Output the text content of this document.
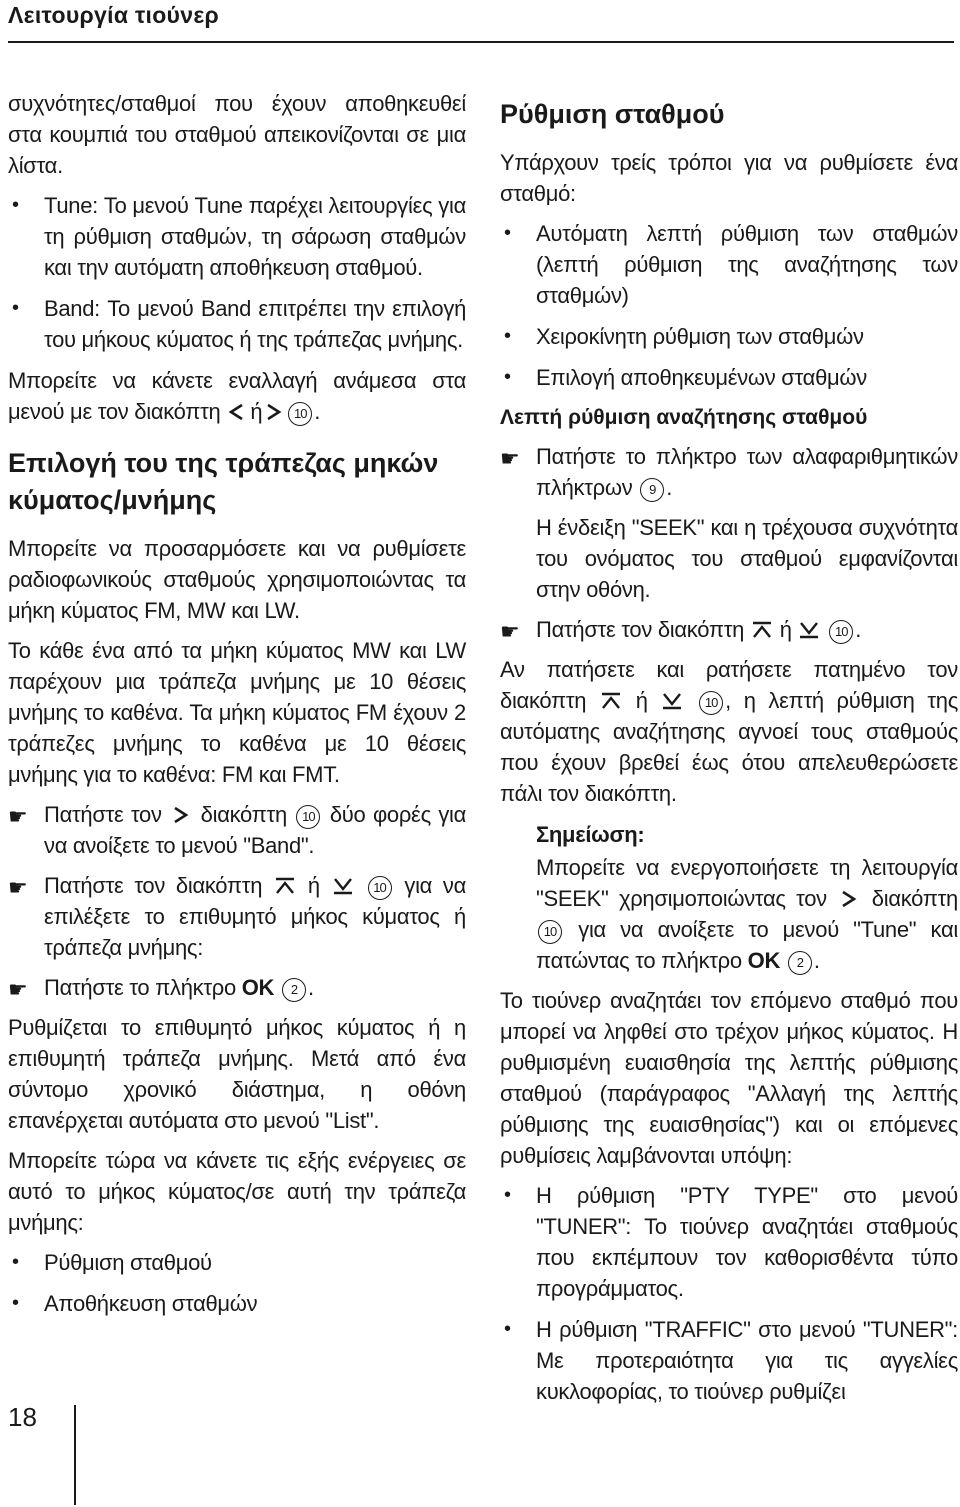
Λειτουργία τιούνερ

συχνότητες/σταθμοί που έχουν αποθηκευθεί στα κουμπιά του σταθμού απεικονίζονται σε μια λίστα.

• Tune: Το μενού Tune παρέχει λειτουργίες για τη ρύθμιση σταθμών, τη σάρωση σταθμών και την αυτόματη αποθήκευση σταθμού.
• Band: Το μενού Band επιτρέπει την επιλογή του μήκους κύματος ή της τράπεζας μνήμης.

Μπορείτε να κάνετε εναλλαγή ανάμεσα στα μενού με τον διακόπτη ή 10 .

Επιλογή του της τράπεζας μηκών κύματος/μνήμης

Μπορείτε να προσαρμόσετε και να ρυθμίσετε ραδιοφωνικούς σταθμούς χρησιμοποιώντας τα μήκη κύματος FM, MW και LW.

Το κάθε ένα από τα μήκη κύματος MW και LW παρέχουν μια τράπεζα μνήμης με 10 θέσεις μνήμης το καθένα. Τα μήκη κύματος FM έχουν 2 τράπεζες μνήμης το καθένα με 10 θέσεις μνήμης για το καθένα: FM και FMT.

☛ Πατήστε τον διακόπτη 10 δύο φορές για να ανοίξετε το μενού "Band".
☛ Πατήστε τον διακόπτη ή	10 για να επιλέξετε το επιθυμητό μήκος κύματος ή τράπεζα μνήμης:
☛ Πατήστε το πλήκτρο OK 2 .

Ρυθμίζεται το επιθυμητό μήκος κύματος ή η επιθυμητή τράπεζα μνήμης. Μετά από ένα σύντομο χρονικό διάστημα, η οθόνη επανέρχεται αυτόματα στο μενού "List".

Μπορείτε τώρα να κάνετε τις εξής ενέργειες σε αυτό το μήκος κύματος/σε αυτή την τράπεζα μνήμης:

• Ρύθμιση σταθμού
• Αποθήκευση σταθμών
Ρύθμιση σταθμού

Υπάρχουν τρείς τρόποι για να ρυθμίσετε ένα σταθμό:

• Αυτόματη λεπτή ρύθμιση των σταθμών (λεπτή ρύθμιση της αναζήτησης των σταθμών)
• Χειροκίνητη ρύθμιση των σταθμών
• Επιλογή αποθηκευμένων σταθμών
Λεπτή ρύθμιση αναζήτησης σταθμού
☛ Πατήστε το πλήκτρο των αλαφαριθμητικών πλήκτρων 9 .

Η ένδειξη "SEEK" και η τρέχουσα συχνότητα του ονόματος του σταθμού εμφανίζονται στην οθόνη.

☛ Πατήστε τον διακόπτη ή	10 .

Αν πατήσετε και ρατήσετε πατημένο τον διακόπτη ή	10 , η λεπτή ρύθμιση της αυτόματης αναζήτησης αγνοεί τους σταθμούς που έχουν βρεθεί έως ότου απελευθερώσετε πάλι τον διακόπτη.

Σημείωση:

Μπορείτε να ενεργοποιήσετε τη λειτουργία "SEEK" χρησιμοποιώντας τον διακόπτη 10 για να ανοίξετε το μενού "Tune" και πατώντας το πλήκτρο OK 2 .

Το τιούνερ αναζητάει τον επόμενο σταθμό που μπορεί να ληφθεί στο τρέχον μήκος κύματος. Η ρυθμισμένη ευαισθησία της λεπτής ρύθμισης σταθμού (παράγραφος "Αλλαγή της λεπτής ρύθμισης της ευαισθησίας") και οι επόμενες ρυθμίσεις λαμβάνονται υπόψη:

• Η ρύθμιση "PTY TYPE" στο μενού "TUNER": Το τιούνερ αναζητάει σταθμούς που εκπέμπουν τον καθορισθέντα τύπο προγράμματος.
• Η ρύθμιση "TRAFFIC" στο μενού "TUNER": Με προτεραιότητα για τις αγγελίες κυκλοφορίας, το τιούνερ ρυθμίζει
18
